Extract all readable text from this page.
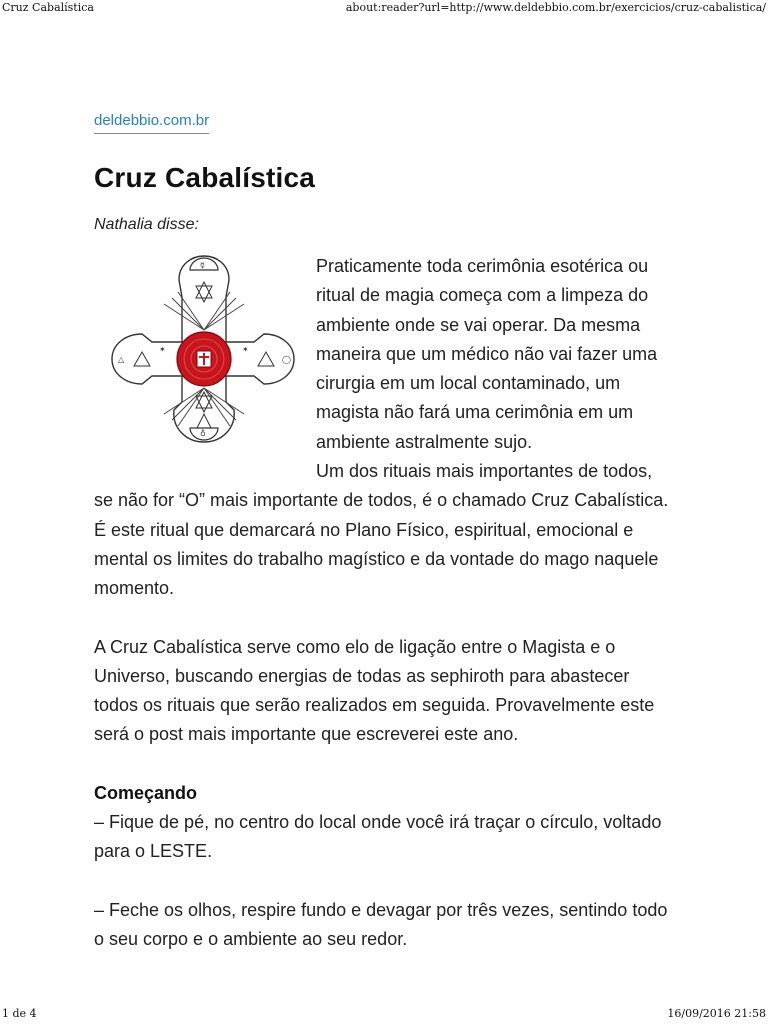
Cruz Cabalística	about:reader?url=http://www.deldebbio.com.br/exercicios/cruz-cabalistica/
deldebbio.com.br
Cruz Cabalística
Nathalia disse:
☿
△	◯
♁
✶	✶

Praticamente toda cerimônia esotérica ou ritual de magia começa com a limpeza do ambiente onde se vai operar. Da mesma maneira que um médico não vai fazer uma cirurgia em um local contaminado, um magista não fará uma cerimônia em um ambiente astralmente sujo.
Um dos rituais mais importantes de todos, se não for “O” mais importante de todos, é o chamado Cruz Cabalística. É este ritual que demarcará no Plano Físico, espiritual, emocional e mental os limites do trabalho magístico e da vontade do mago naquele momento.

A Cruz Cabalística serve como elo de ligação entre o Magista e o Universo, buscando energias de todas as sephiroth para abastecer todos os rituais que serão realizados em seguida. Provavelmente este será o post mais importante que escreverei este ano.

Começando

– Fique de pé, no centro do local onde você irá traçar o círculo, voltado para o LESTE.

– Feche os olhos, respire fundo e devagar por três vezes, sentindo todo o seu corpo e o ambiente ao seu redor.

1 de 4	16/09/2016 21:58
